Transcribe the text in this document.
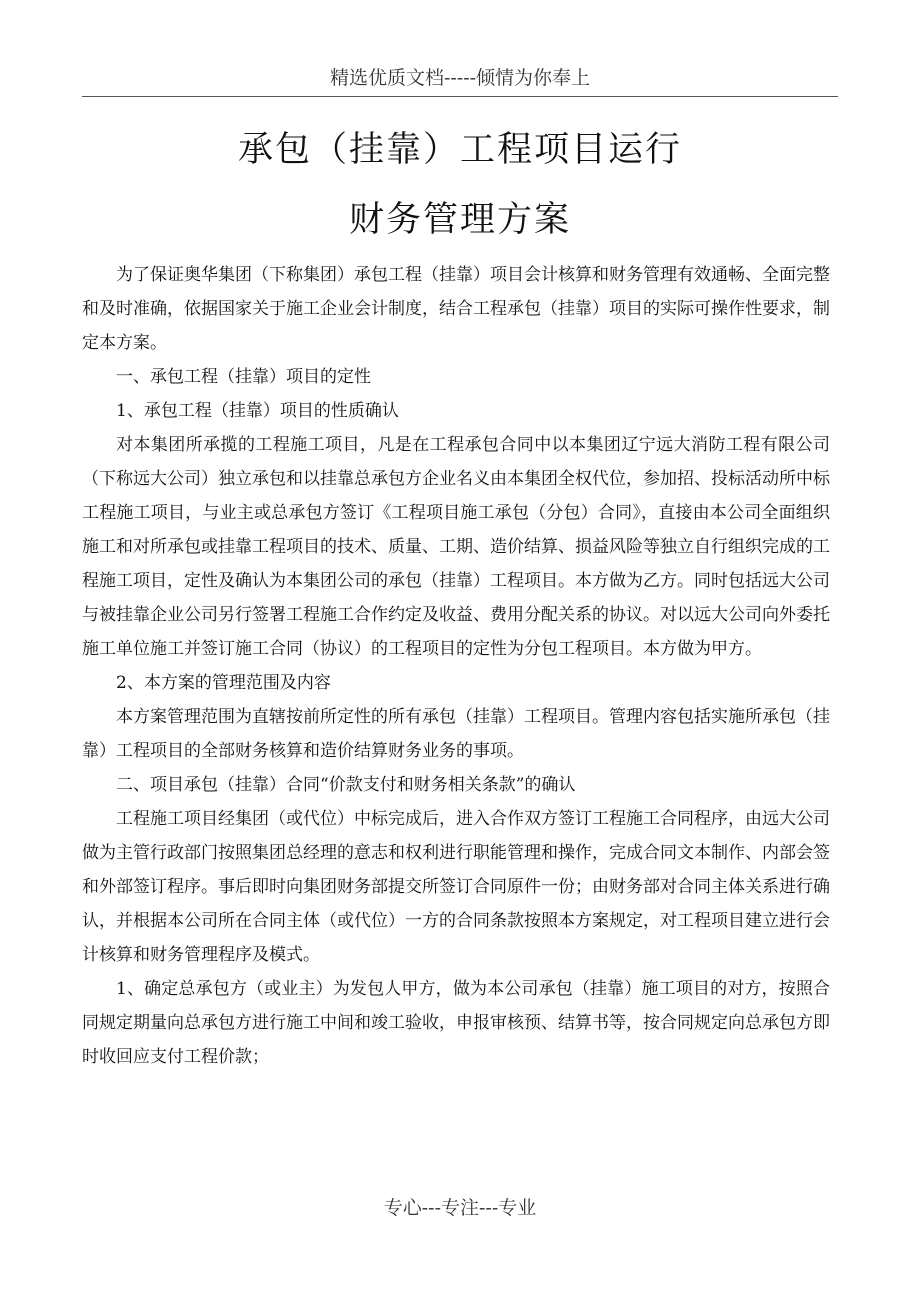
精选优质文档-----倾情为你奉上
承包（挂靠）工程项目运行
财务管理方案

为了保证奥华集团（下称集团）承包工程（挂靠）项目会计核算和财务管理有效通畅、全面完整和及时准确，依据国家关于施工企业会计制度，结合工程承包（挂靠）项目的实际可操作性要求，制定本方案。

一、承包工程（挂靠）项目的定性

1、承包工程（挂靠）项目的性质确认

对本集团所承揽的工程施工项目，凡是在工程承包合同中以本集团辽宁远大消防工程有限公司（下称远大公司）独立承包和以挂靠总承包方企业名义由本集团全权代位，参加招、投标活动所中标工程施工项目，与业主或总承包方签订《工程项目施工承包（分包）合同》，直接由本公司全面组织施工和对所承包或挂靠工程项目的技术、质量、工期、造价结算、损益风险等独立自行组织完成的工程施工项目，定性及确认为本集团公司的承包（挂靠）工程项目。本方做为乙方。同时包括远大公司与被挂靠企业公司另行签署工程施工合作约定及收益、费用分配关系的协议。对以远大公司向外委托施工单位施工并签订施工合同（协议）的工程项目的定性为分包工程项目。本方做为甲方。

2、本方案的管理范围及内容

本方案管理范围为直辖按前所定性的所有承包（挂靠）工程项目。管理内容包括实施所承包（挂靠）工程项目的全部财务核算和造价结算财务业务的事项。

二、项目承包（挂靠）合同“价款支付和财务相关条款”的确认

工程施工项目经集团（或代位）中标完成后，进入合作双方签订工程施工合同程序，由远大公司做为主管行政部门按照集团总经理的意志和权利进行职能管理和操作，完成合同文本制作、内部会签和外部签订程序。事后即时向集团财务部提交所签订合同原件一份；由财务部对合同主体关系进行确认，并根据本公司所在合同主体（或代位）一方的合同条款按照本方案规定，对工程项目建立进行会计核算和财务管理程序及模式。

1、确定总承包方（或业主）为发包人甲方，做为本公司承包（挂靠）施工项目的对方，按照合同规定期量向总承包方进行施工中间和竣工验收，申报审核预、结算书等，按合同规定向总承包方即时收回应支付工程价款；

专心---专注---专业
